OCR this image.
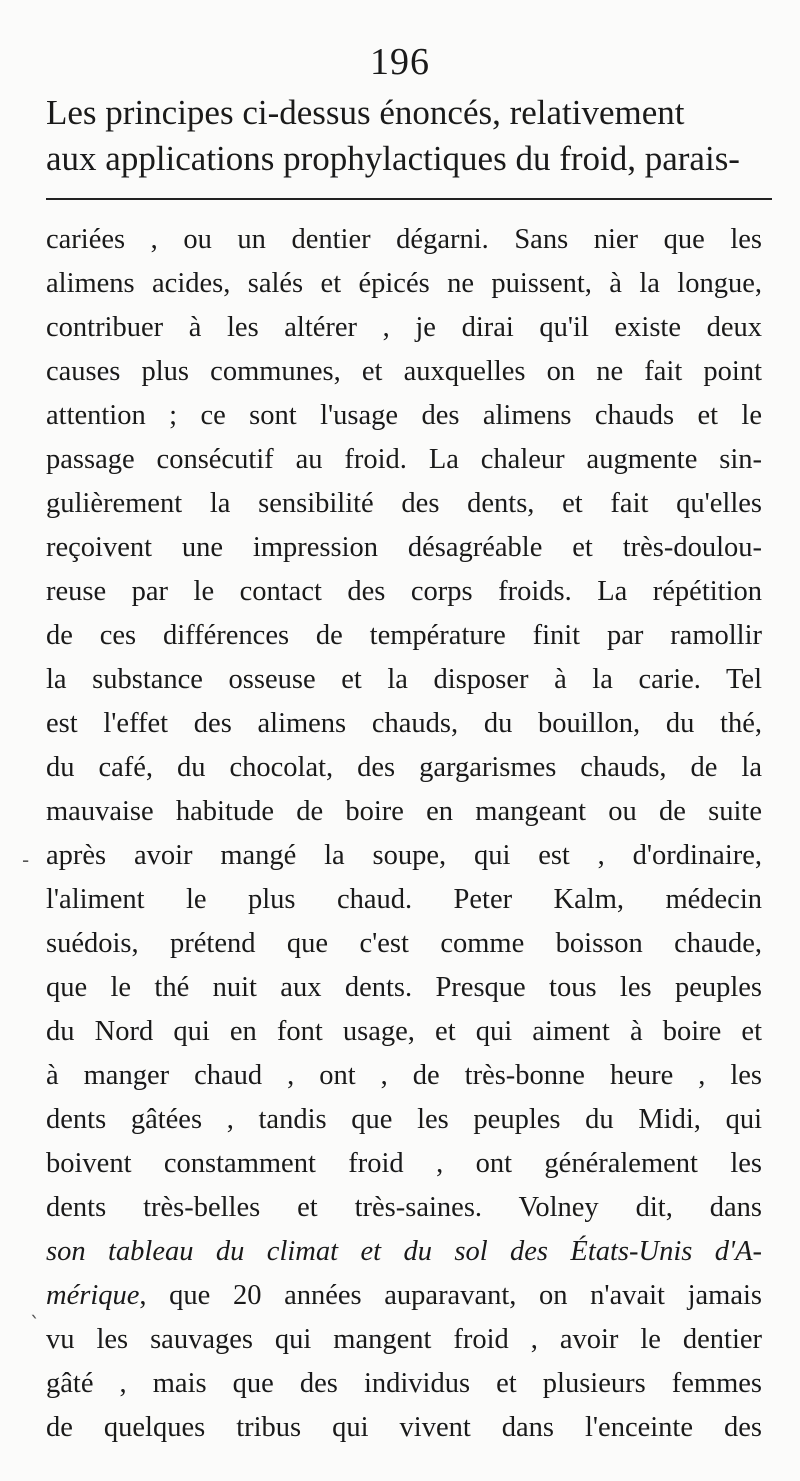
196
Les principes ci-dessus énoncés, relativement
aux applications prophylactiques du froid, parais-
cariées , ou un dentier dégarni. Sans nier que les
alimens acides, salés et épicés ne puissent, à la longue,
contribuer à les altérer , je dirai qu'il existe deux
causes plus communes, et auxquelles on ne fait point
attention ; ce sont l'usage des alimens chauds et le
passage consécutif au froid. La chaleur augmente sin-
gulièrement la sensibilité des dents, et fait qu'elles
reçoivent une impression désagréable et très-doulou-
reuse par le contact des corps froids. La répétition
de ces différences de température finit par ramollir
la substance osseuse et la disposer à la carie. Tel
est l'effet des alimens chauds, du bouillon, du thé,
du café, du chocolat, des gargarismes chauds, de la
mauvaise habitude de boire en mangeant ou de suite
après avoir mangé la soupe, qui est , d'ordinaire,
l'aliment le plus chaud. Peter Kalm, médecin
suédois, prétend que c'est comme boisson chaude,
que le thé nuit aux dents. Presque tous les peuples
du Nord qui en font usage, et qui aiment à boire et
à manger chaud , ont , de très-bonne heure , les
dents gâtées , tandis que les peuples du Midi, qui
boivent constamment froid , ont généralement les
dents très-belles et très-saines. Volney dit, dans
son tableau du climat et du sol des États-Unis d'A-
mérique, que 20 années auparavant, on n'avait jamais
vu les sauvages qui mangent froid , avoir le dentier
gâté , mais que des individus et plusieurs femmes
de quelques tribus qui vivent dans l'enceinte des
-
`
